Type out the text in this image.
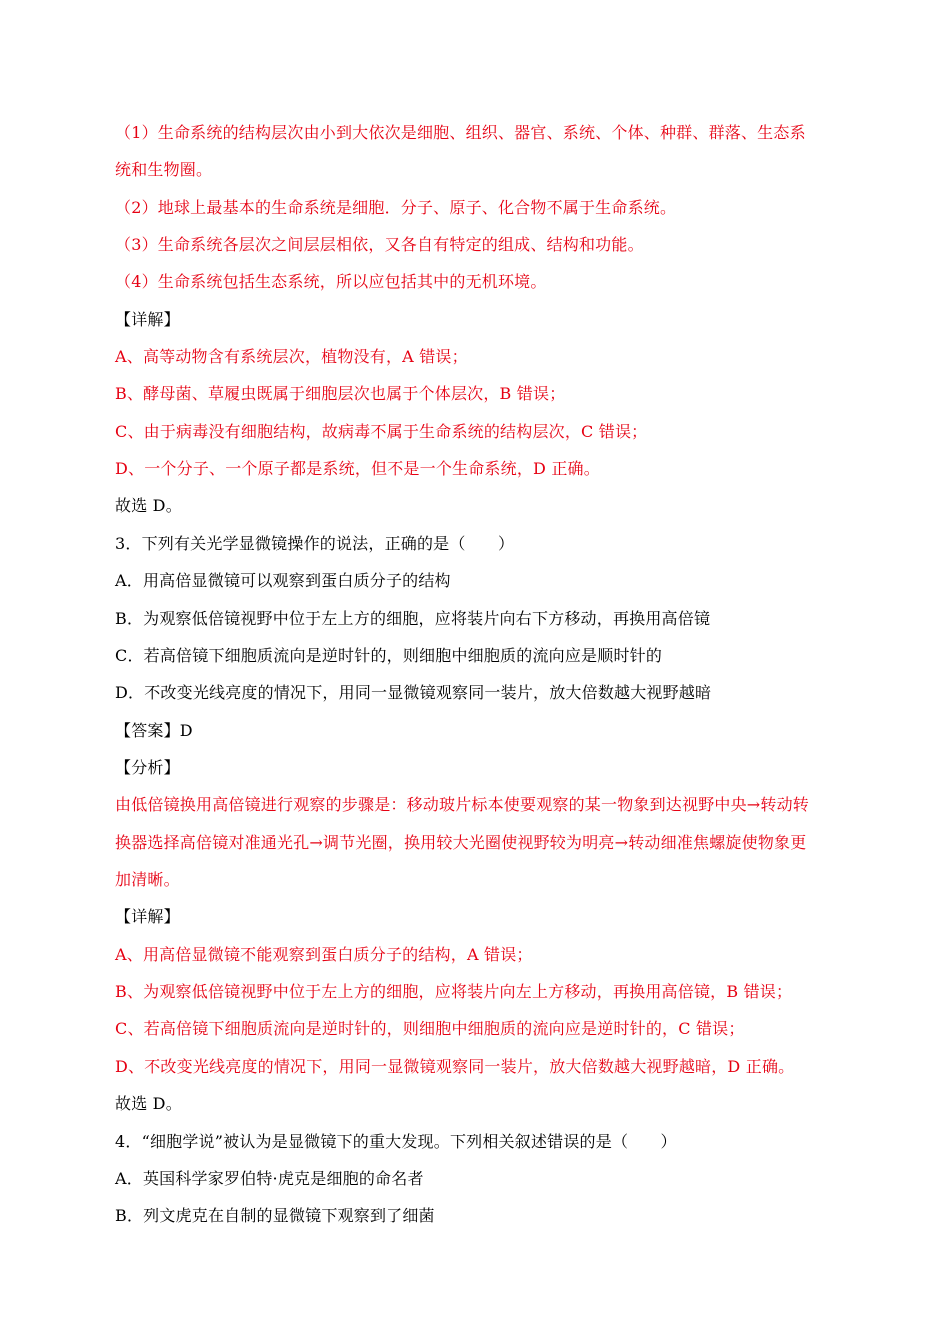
（1）生命系统的结构层次由小到大依次是细胞、组织、器官、系统、个体、种群、群落、生态系
统和生物圈。
（2）地球上最基本的生命系统是细胞．分子、原子、化合物不属于生命系统。
（3）生命系统各层次之间层层相依，又各自有特定的组成、结构和功能。
（4）生命系统包括生态系统，所以应包括其中的无机环境。
【详解】
A、高等动物含有系统层次，植物没有，A 错误；
B、酵母菌、草履虫既属于细胞层次也属于个体层次，B 错误；
C、由于病毒没有细胞结构，故病毒不属于生命系统的结构层次，C 错误；
D、一个分子、一个原子都是系统，但不是一个生命系统，D 正确。
故选 D。
3．下列有关光学显微镜操作的说法，正确的是（　　）
A．用高倍显微镜可以观察到蛋白质分子的结构
B．为观察低倍镜视野中位于左上方的细胞，应将装片向右下方移动，再换用高倍镜
C．若高倍镜下细胞质流向是逆时针的，则细胞中细胞质的流向应是顺时针的
D．不改变光线亮度的情况下，用同一显微镜观察同一装片，放大倍数越大视野越暗
【答案】D
【分析】
由低倍镜换用高倍镜进行观察的步骤是：移动玻片标本使要观察的某一物象到达视野中央→转动转
换器选择高倍镜对准通光孔→调节光圈，换用较大光圈使视野较为明亮→转动细准焦螺旋使物象更
加清晰。
【详解】
A、用高倍显微镜不能观察到蛋白质分子的结构，A 错误；
B、为观察低倍镜视野中位于左上方的细胞，应将装片向左上方移动，再换用高倍镜，B 错误；
C、若高倍镜下细胞质流向是逆时针的，则细胞中细胞质的流向应是逆时针的，C 错误；
D、不改变光线亮度的情况下，用同一显微镜观察同一装片，放大倍数越大视野越暗，D 正确。
故选 D。
4．“细胞学说”被认为是显微镜下的重大发现。下列相关叙述错误的是（　　）
A．英国科学家罗伯特·虎克是细胞的命名者
B．列文虎克在自制的显微镜下观察到了细菌
